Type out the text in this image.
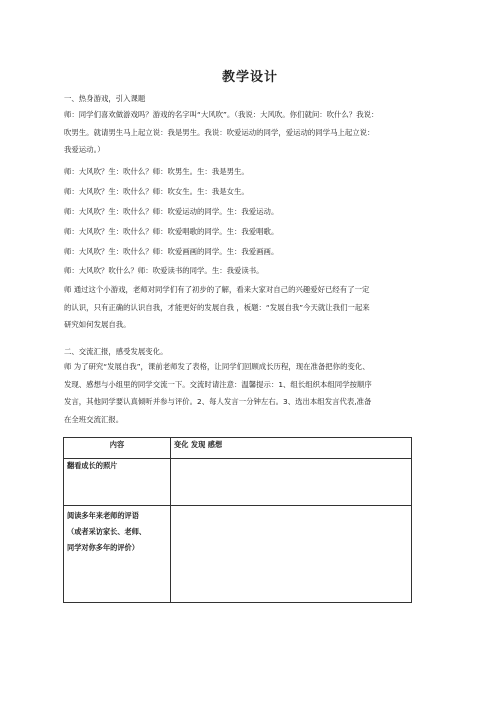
教学设计
一、热身游戏，引入课题
师：同学们喜欢做游戏吗？游戏的名字叫“大风吹”。（我说：大风吹。你们就问：吹什么？我说：
吹男生。就请男生马上起立说：我是男生。我说：吹爱运动的同学，爱运动的同学马上起立说：
我爱运动。）
师：大风吹？生：吹什么？师：吹男生。生：我是男生。
师：大风吹？生：吹什么？师：吹女生。生：我是女生。
师：大风吹？生：吹什么？师：吹爱运动的同学。生：我爱运动。
师：大风吹？生：吹什么？师：吹爱唱歌的同学。生：我爱唱歌。
师：大风吹？生：吹什么？师：吹爱画画的同学。生：我爱画画。
师：大风吹？吹什么？师：吹爱读书的同学。生：我爱读书。
师 通过这个小游戏，老师对同学们有了初步的了解，看来大家对自己的兴趣爱好已经有了一定
的认识，只有正确的认识自我，才能更好的发展自我 ，板题：“发展自我”今天就让我们一起来
研究如何发展自我。
二、交流汇报，感受发展变化。
师 为了研究“发展自我”，课前老师发了表格，让同学们回顾成长历程，现在准备把你的变化、
发现、感想与小组里的同学交流一下。交流时请注意：温馨提示：1、组长组织本组同学按顺序
发言，其他同学要认真倾听并参与评价。2、每人发言一分钟左右。3、选出本组发言代表,准备
在全班交流汇报。
内容	变化 发现 感想
翻看成长的照片	

阅读多年来老师的评语
（或者采访家长、老师、
同学对你多年的评价）	
